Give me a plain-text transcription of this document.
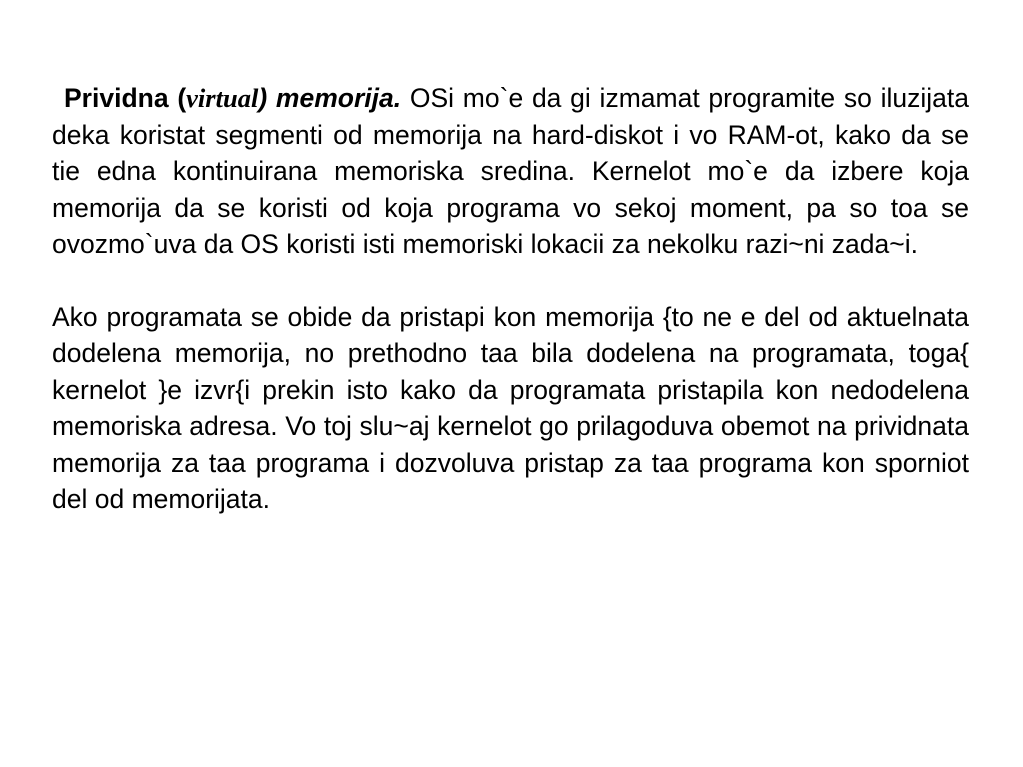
Prividna (virtual) memorija. OSi mo`e da gi izmamat programite so iluzijata deka koristat segmenti od memorija na hard-diskot i vo RAM-ot, kako da se tie edna kontinuirana memoriska sredina. Kernelot mo`e da izbere koja memorija da se koristi od koja programa vo sekoj moment, pa so toa se ovozmo`uva da OS koristi isti memoriski lokacii za nekolku razi~ni zada~i.

Ako programata se obide da pristapi kon memorija {to ne e del od aktuelnata dodelena memorija, no prethodno taa bila dodelena na programata, toga{ kernelot }e izvr{i prekin isto kako da programata pristapila kon nedodelena memoriska adresa. Vo toj slu~aj kernelot go prilagoduva obemot na prividnata memorija za taa programa i dozvoluva pristap za taa programa kon sporniot del od memorijata.
